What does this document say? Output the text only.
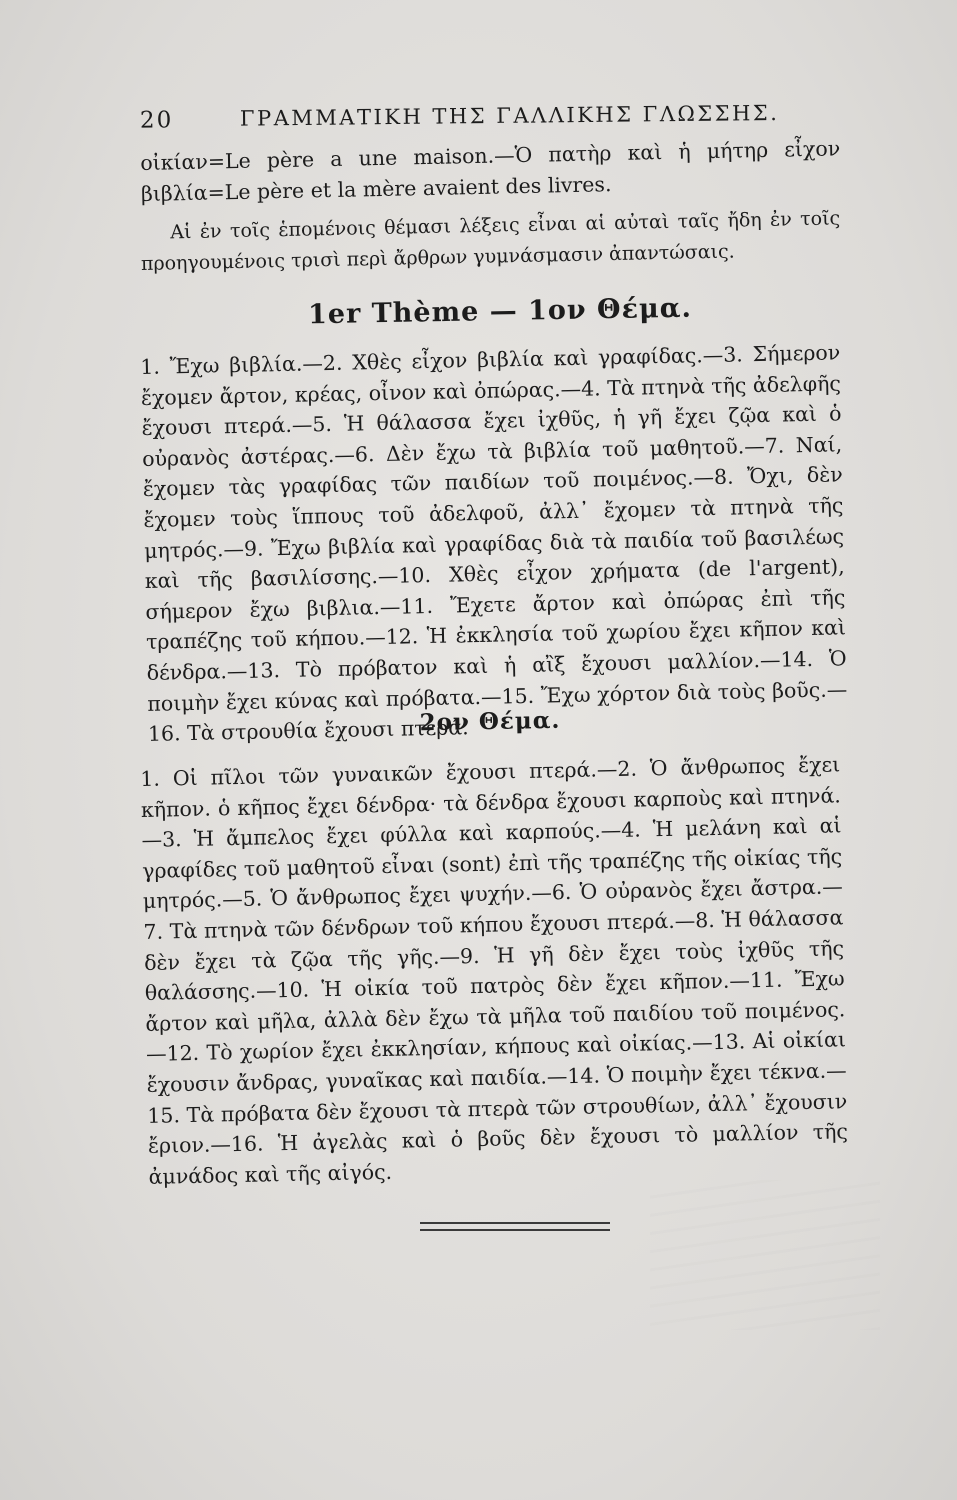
20	ΓΡΑΜΜΑΤΙΚΗ ΤΗΣ ΓΑΛΛΙΚΗΣ ΓΛΩΣΣΗΣ.
οἰκίαν=Le père a une maison.—Ὁ πατὴρ καὶ ἡ μήτηρ εἶχον βιβλία=Le père et la mère avaient des livres.
Αἱ ἐν τοῖς ἑπομένοις θέμασι λέξεις εἶναι αἱ αὐταὶ ταῖς ἤδη ἐν τοῖς προηγουμένοις τρισὶ περὶ ἄρθρων γυμνάσμασιν ἀπαντώσαις.
1er Thème — 1ον Θέμα.
1. Ἔχω βιβλία.—2. Χθὲς εἶχον βιβλία καὶ γραφίδας.—3. Σήμερον ἔχομεν ἄρτον, κρέας, οἶνον καὶ ὀπώρας.—4. Τὰ πτηνὰ τῆς ἀδελφῆς ἔχουσι πτερά.—5. Ἡ θάλασσα ἔχει ἰχθῦς, ἡ γῆ ἔχει ζῷα καὶ ὁ οὐρανὸς ἀστέρας.—6. Δὲν ἔχω τὰ βιβλία τοῦ μαθητοῦ.—7. Ναί, ἔχομεν τὰς γραφίδας τῶν παιδίων τοῦ ποιμένος.—8. Ὄχι, δὲν ἔχομεν τοὺς ἵππους τοῦ ἀδελφοῦ, ἀλλ᾽ ἔχομεν τὰ πτηνὰ τῆς μητρός.—9. Ἔχω βιβλία καὶ γραφίδας διὰ τὰ παιδία τοῦ βασιλέως καὶ τῆς βασιλίσσης.—10. Χθὲς εἶχον χρήματα (de l'argent), σήμερον ἔχω βιβλια.—11. Ἔχετε ἄρτον καὶ ὀπώρας ἐπὶ τῆς τραπέζης τοῦ κήπου.—12. Ἡ ἐκκλησία τοῦ χωρίου ἔχει κῆπον καὶ δένδρα.—13. Τὸ πρόβατον καὶ ἡ αἲξ ἔχουσι μαλλίον.—14. Ὁ ποιμὴν ἔχει κύνας καὶ πρόβατα.—15. Ἔχω χόρτον διὰ τοὺς βοῦς.—16. Τὰ στρουθία ἔχουσι πτερά.
2ον Θέμα.
1. Οἱ πῖλοι τῶν γυναικῶν ἔχουσι πτερά.—2. Ὁ ἄνθρωπος ἔχει κῆπον. ὁ κῆπος ἔχει δένδρα· τὰ δένδρα ἔχουσι καρποὺς καὶ πτηνά.—3. Ἡ ἄμπελος ἔχει φύλλα καὶ καρπούς.—4. Ἡ μελάνη καὶ αἱ γραφίδες τοῦ μαθητοῦ εἶναι (sont) ἐπὶ τῆς τραπέζης τῆς οἰκίας τῆς μητρός.—5. Ὁ ἄνθρωπος ἔχει ψυχήν.—6. Ὁ οὐρανὸς ἔχει ἄστρα.—7. Τὰ πτηνὰ τῶν δένδρων τοῦ κήπου ἔχουσι πτερά.—8. Ἡ θάλασσα δὲν ἔχει τὰ ζῷα τῆς γῆς.—9. Ἡ γῆ δὲν ἔχει τοὺς ἰχθῦς τῆς θαλάσσης.—10. Ἡ οἰκία τοῦ πατρὸς δὲν ἔχει κῆπον.—11. Ἔχω ἄρτον καὶ μῆλα, ἀλλὰ δὲν ἔχω τὰ μῆλα τοῦ παιδίου τοῦ ποιμένος.—12. Τὸ χωρίον ἔχει ἐκκλησίαν, κήπους καὶ οἰκίας.—13. Αἱ οἰκίαι ἔχουσιν ἄνδρας, γυναῖκας καὶ παιδία.—14. Ὁ ποιμὴν ἔχει τέκνα.—15. Τὰ πρόβατα δὲν ἔχουσι τὰ πτερὰ τῶν στρουθίων, ἀλλ᾽ ἔχουσιν ἔριον.—16. Ἡ ἀγελὰς καὶ ὁ βοῦς δὲν ἔχουσι τὸ μαλλίον τῆς ἀμνάδος καὶ τῆς αἰγός.
